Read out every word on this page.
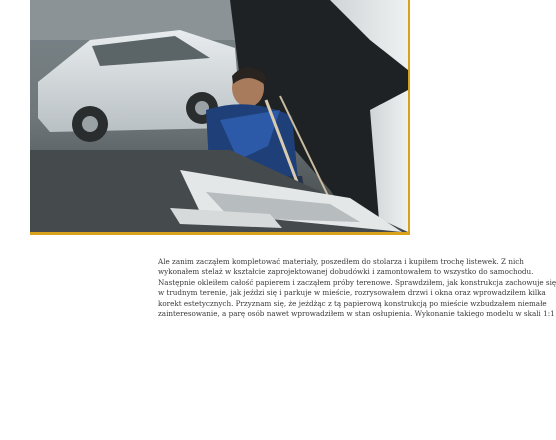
Ale zanim zacząłem kompletować materiały, poszedłem do stolarza i kupiłem trochę listewek. Z nich
wykonałem stelaż w kształcie zaprojektowanej dobudówki i zamontowałem to wszystko do samochodu.
Następnie okleiłem całość papierem i zacząłem próby terenowe. Sprawdziłem, jak konstrukcja zachowuje się
w trudnym terenie, jak jeździ się i parkuje w mieście, rozrysowałem drzwi i okna oraz wprowadziłem kilka
korekt estetycznych. Przyznam się, że jeżdżąc z tą papierową konstrukcją po mieście wzbudzałem niemałe
zainteresowanie, a parę osób nawet wprowadziłem w stan osłupienia. Wykonanie takiego modelu w skali 1:1
